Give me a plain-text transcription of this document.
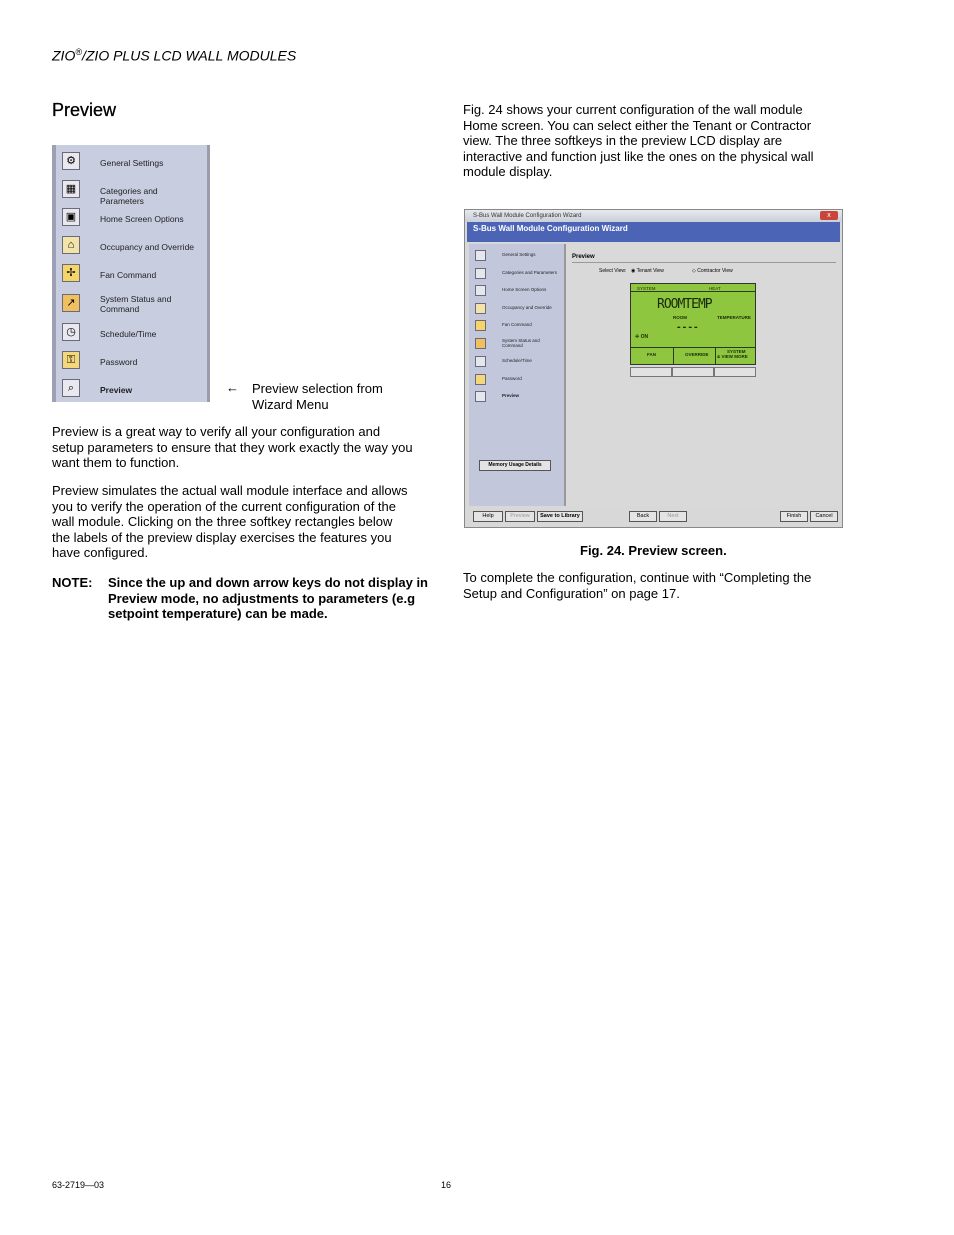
ZIO®/ZIO PLUS LCD WALL MODULES
Preview
⚙	General Settings
▦	Categories and Parameters
▣	Home Screen Options
⌂	Occupancy and Override
✢	Fan Command
↗	System Status and Command
◷	Schedule/Time
⚿	Password
⌕	Preview	← Preview selection from
Wizard Menu
Preview is a great way to verify all your configuration and
setup parameters to ensure that they work exactly the way you
want them to function.
Preview simulates the actual wall module interface and allows
you to verify the operation of the current configuration of the
wall module. Clicking on the three softkey rectangles below
the labels of the preview display exercises the features you
have configured.
NOTE: Since the up and down arrow keys do not display in
Preview mode, no adjustments to parameters (e.g
setpoint temperature) can be made.
Fig. 24 shows your current configuration of the wall module
Home screen. You can select either the Tenant or Contractor
view. The three softkeys in the preview LCD display are
interactive and function just like the ones on the physical wall
module display.
S-Bus Wall Module Configuration Wizard	x
S-Bus Wall Module Configuration Wizard
General Settings
Categories and Parameters
Home Screen Options
Occupancy and Override
Fan Command
System Status and Command
Schedule/Time
Password
Preview
Memory Usage Details
Preview
Select View: ◉ Tenant View	◇ Contractor View
SYSTEM	HEAT
ROOMTEMP
ROOM	TEMPERATURE
----
✢ ON
FAN	OVERRIDE
SYSTEM
& VIEW MORE
Help	Preview	Save to Library	Back	Next	Finish	Cancel
Fig. 24. Preview screen.
To complete the configuration, continue with “Completing the
Setup and Configuration” on page 17.
63-2719—03	16
